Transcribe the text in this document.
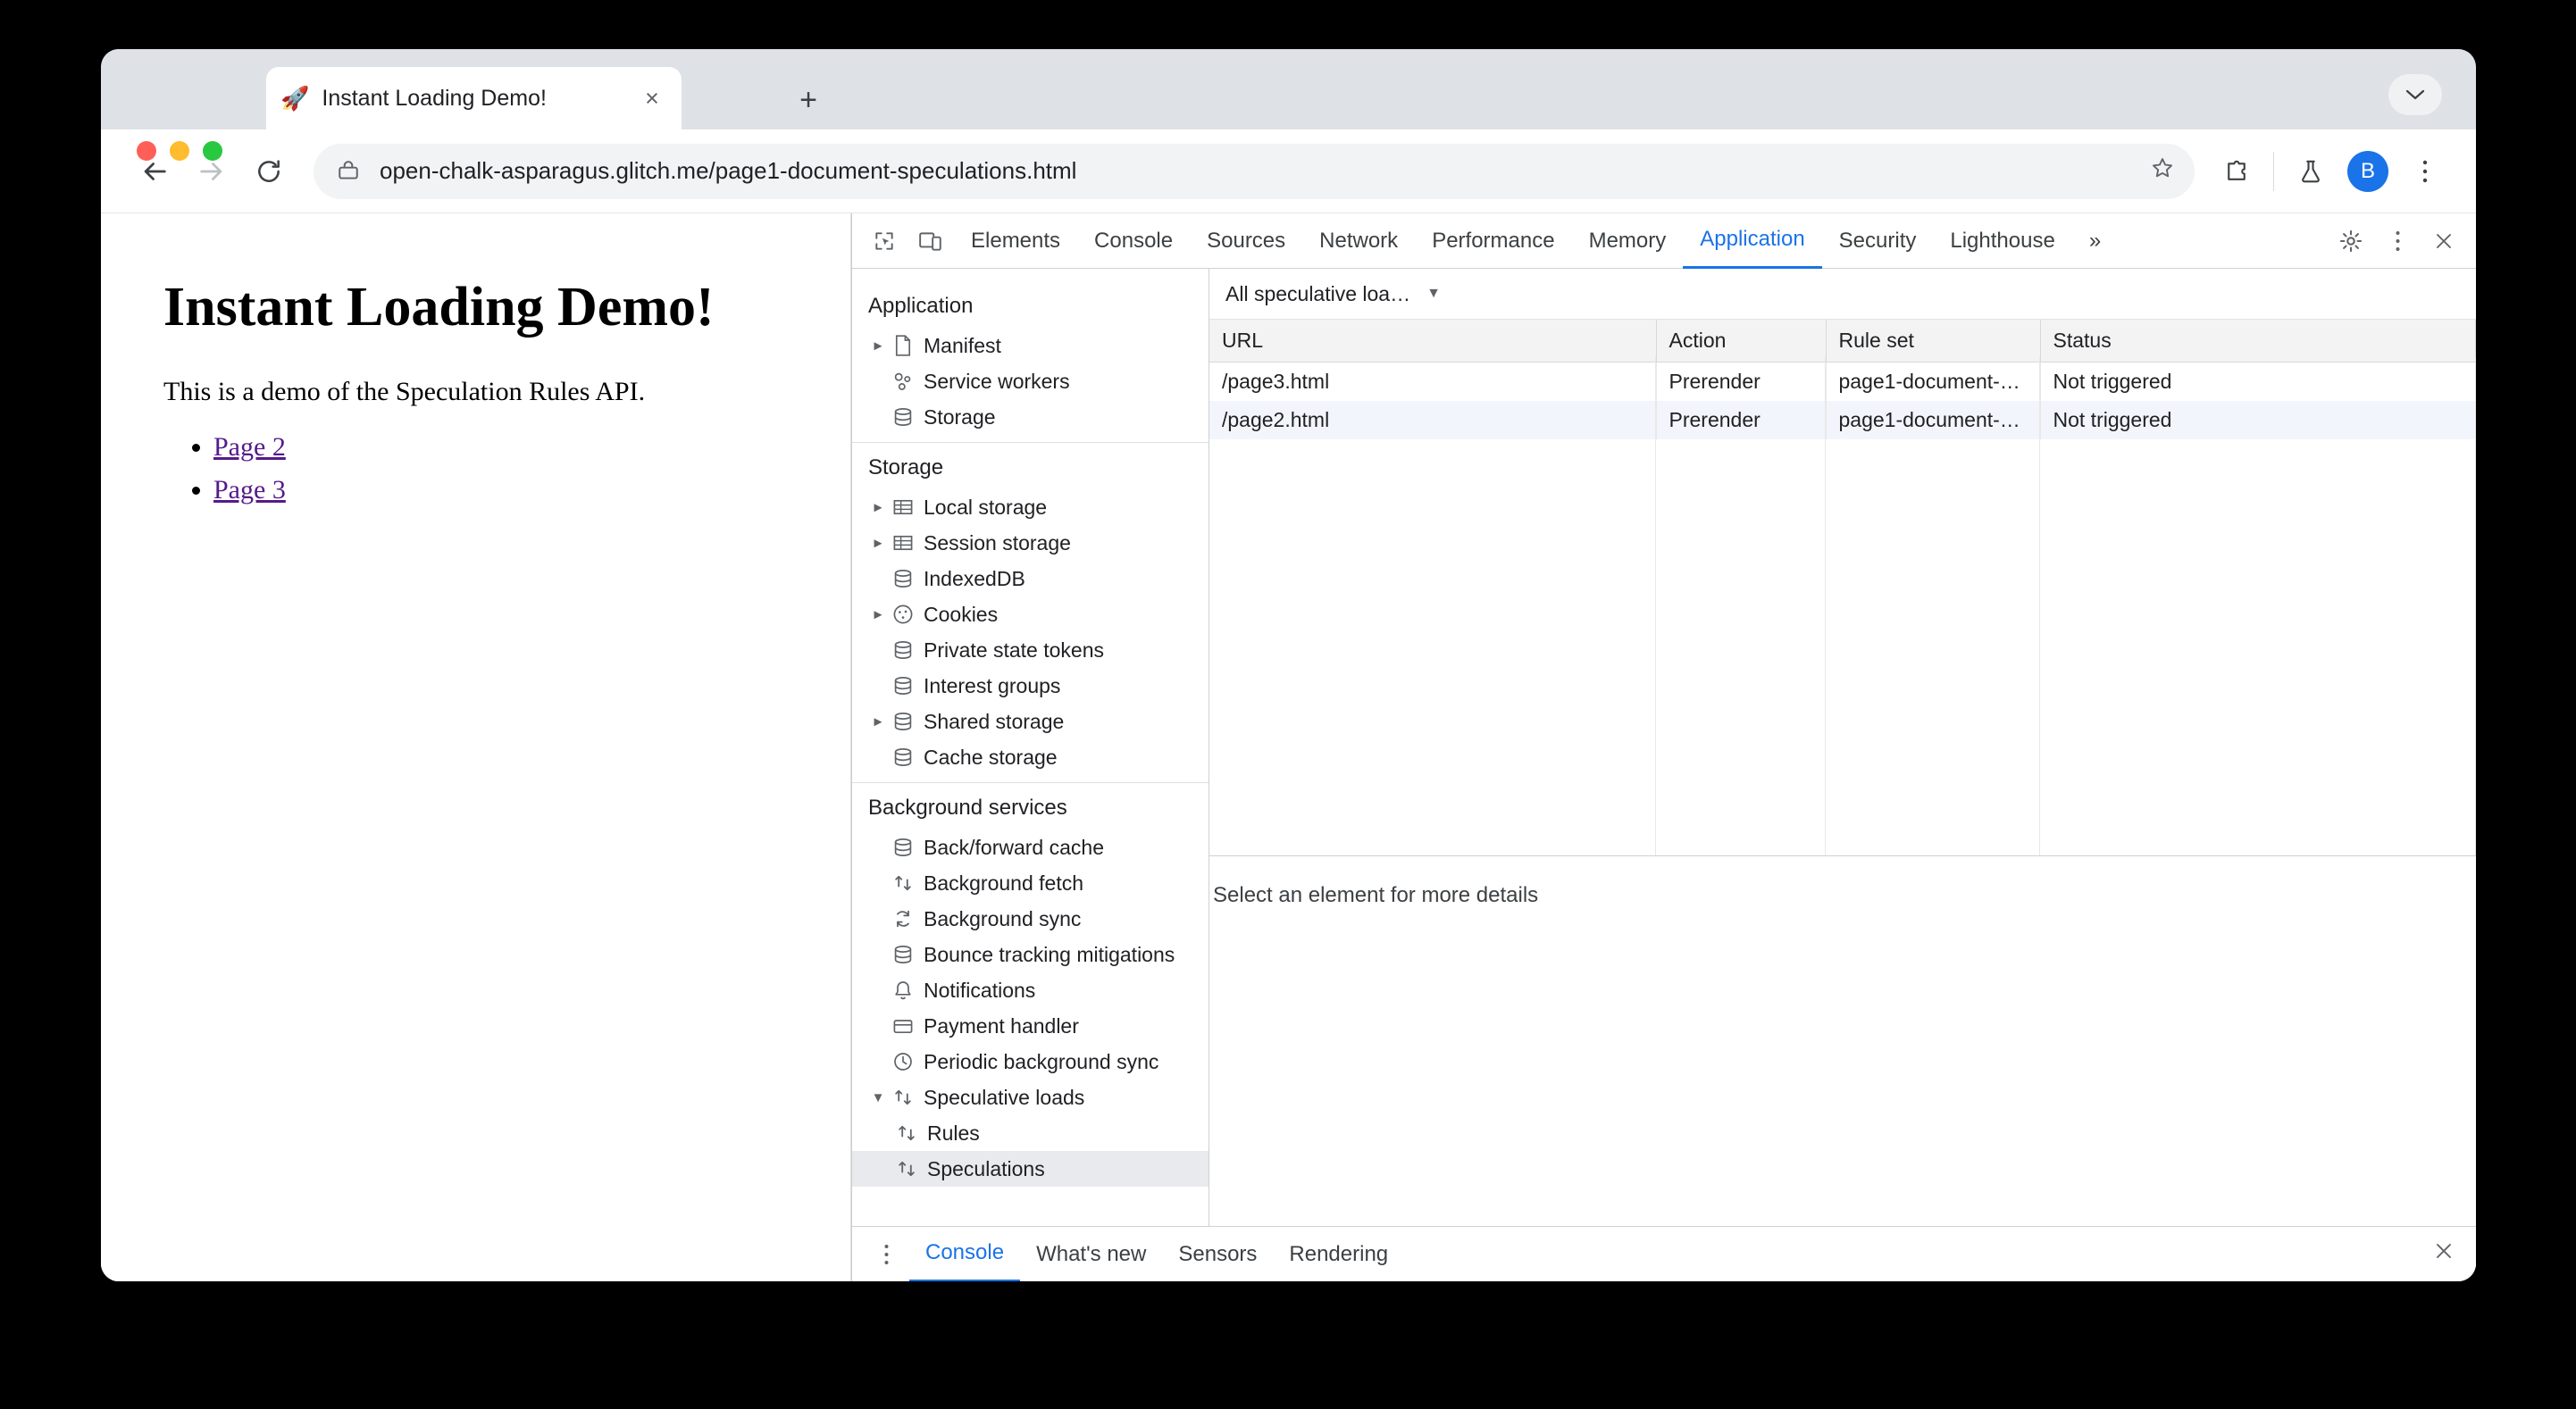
🚀 Instant Loading Demo!	×	+
open-chalk-asparagus.glitch.me/page1-document-speculations.html	B
Instant Loading Demo!

This is a demo of the Speculation Rules API.

• Page 2
• Page 3
Elements	Console	Sources	Network	Performance	Memory	Application	Security	Lighthouse	»
Application
► Manifest
Service workers
Storage
Storage
► Local storage
► Session storage
IndexedDB
► Cookies
Private state tokens
Interest groups
► Shared storage
Cache storage
Background services
Back/forward cache
Background fetch
Background sync
Bounce tracking mitigations
Notifications
Payment handler
Periodic background sync
▼ Speculative loads
Rules
Speculations
All speculative loa… ▼
URL	Action	Rule set	Status
/page3.html	Prerender	page1-document-…	Not triggered
/page2.html	Prerender	page1-document-…	Not triggered
Select an element for more details
Console	What's new	Sensors	Rendering
